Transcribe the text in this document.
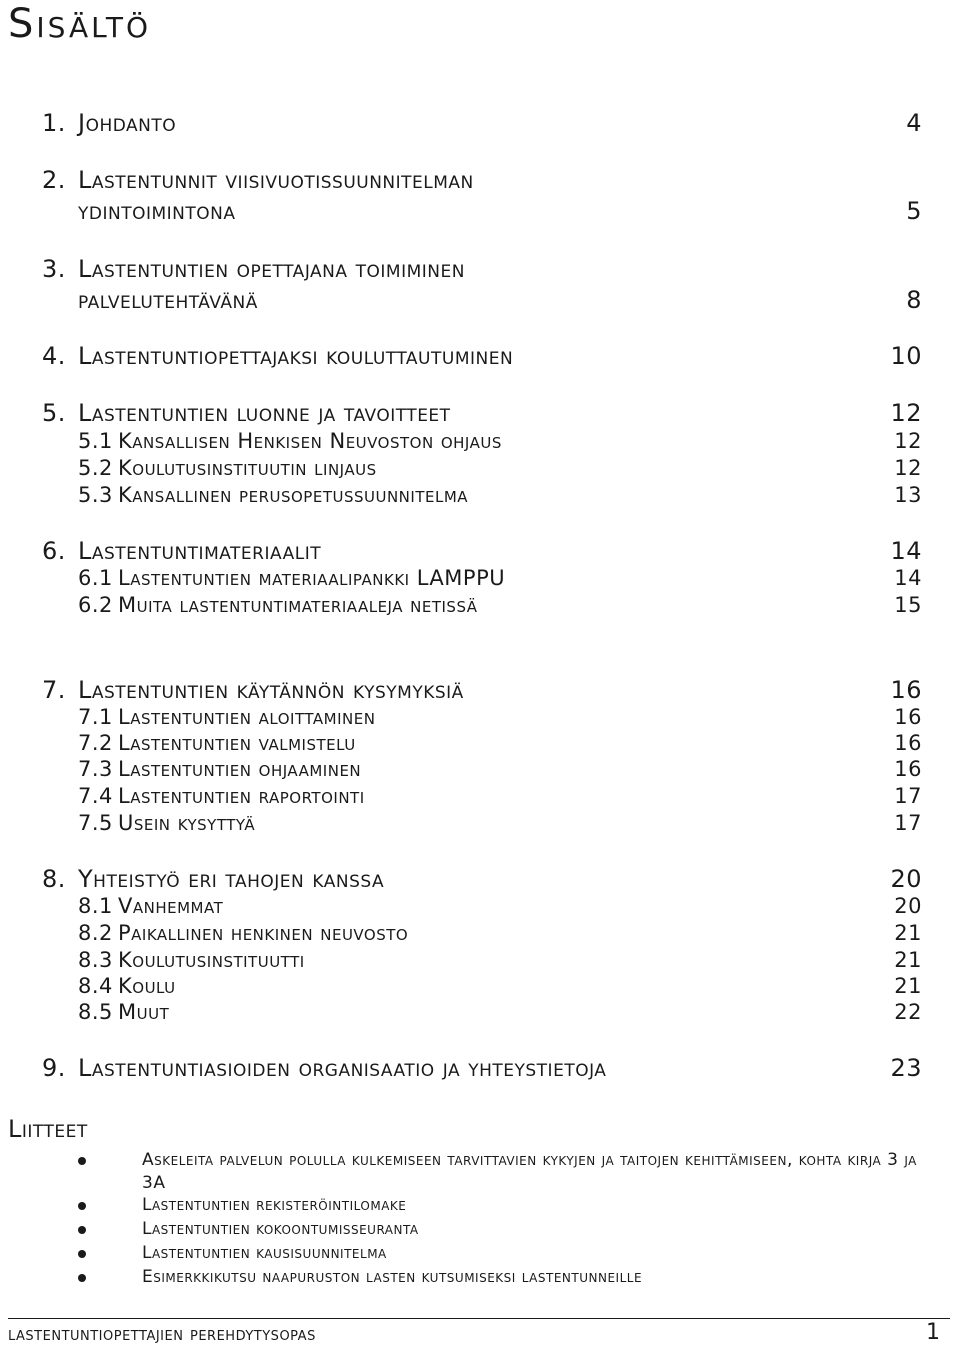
Sisältö
1. Johdanto	4
2. Lastentunnit viisivuotissuunnitelman
ydintoimintona	5
3. Lastentuntien opettajana toimiminen
palvelutehtävänä	8
4. Lastentuntiopettajaksi kouluttautuminen	10
5. Lastentuntien luonne ja tavoitteet	12
5.1 Kansallisen Henkisen Neuvoston ohjaus	12
5.2 Koulutusinstituutin linjaus	12
5.3 Kansallinen perusopetussuunnitelma	13
6. Lastentuntimateriaalit	14
6.1 Lastentuntien materiaalipankki LAMPPU	14
6.2 Muita lastentuntimateriaaleja netissä	15
7. Lastentuntien käytännön kysymyksiä	16
7.1 Lastentuntien aloittaminen	16
7.2 Lastentuntien valmistelu	16
7.3 Lastentuntien ohjaaminen	16
7.4 Lastentuntien raportointi	17
7.5 Usein kysyttyä	17
8. Yhteistyö eri tahojen kanssa	20
8.1 Vanhemmat	20
8.2 Paikallinen henkinen neuvosto	21
8.3 Koulutusinstituutti	21
8.4 Koulu	21
8.5 Muut	22
9. Lastentuntiasioiden organisaatio ja yhteystietoja	23
Liitteet
Askeleita palvelun polulla kulkemiseen tarvittavien kykyjen ja taitojen kehittämiseen, kohta kirja 3 ja 3A
Lastentuntien rekisteröintilomake
Lastentuntien kokoontumisseuranta
Lastentuntien kausisuunnitelma
Esimerkkikutsu naapuruston lasten kutsumiseksi lastentunneille
lastentuntiopettajien perehdytysopas	1
